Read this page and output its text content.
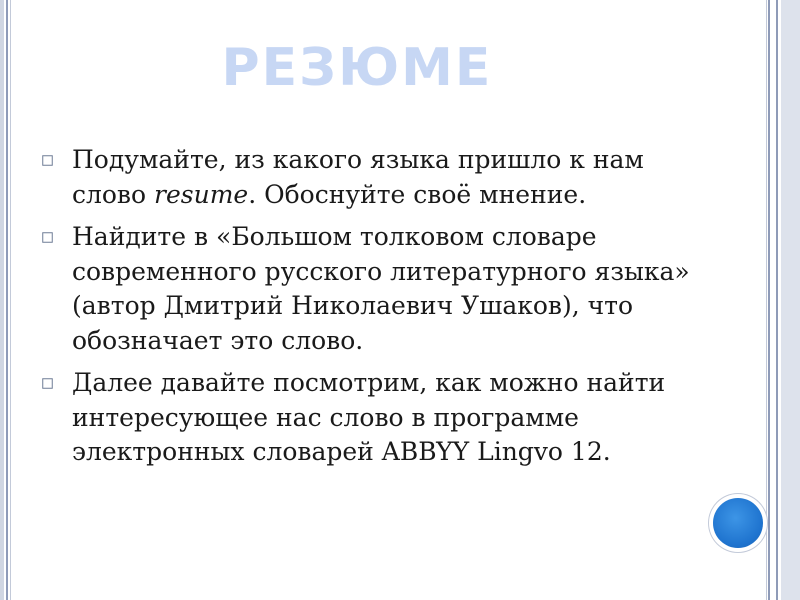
РЕЗЮМЕ
Подумайте, из какого языка пришло к нам слово resume. Обоснуйте своё мнение.
Найдите в «Большом толковом словаре современного русского литературного языка» (автор Дмитрий Николаевич Ушаков), что обозначает это слово.
Далее давайте посмотрим, как можно найти интересующее нас слово в программе электронных словарей ABBYY Lingvo 12.
